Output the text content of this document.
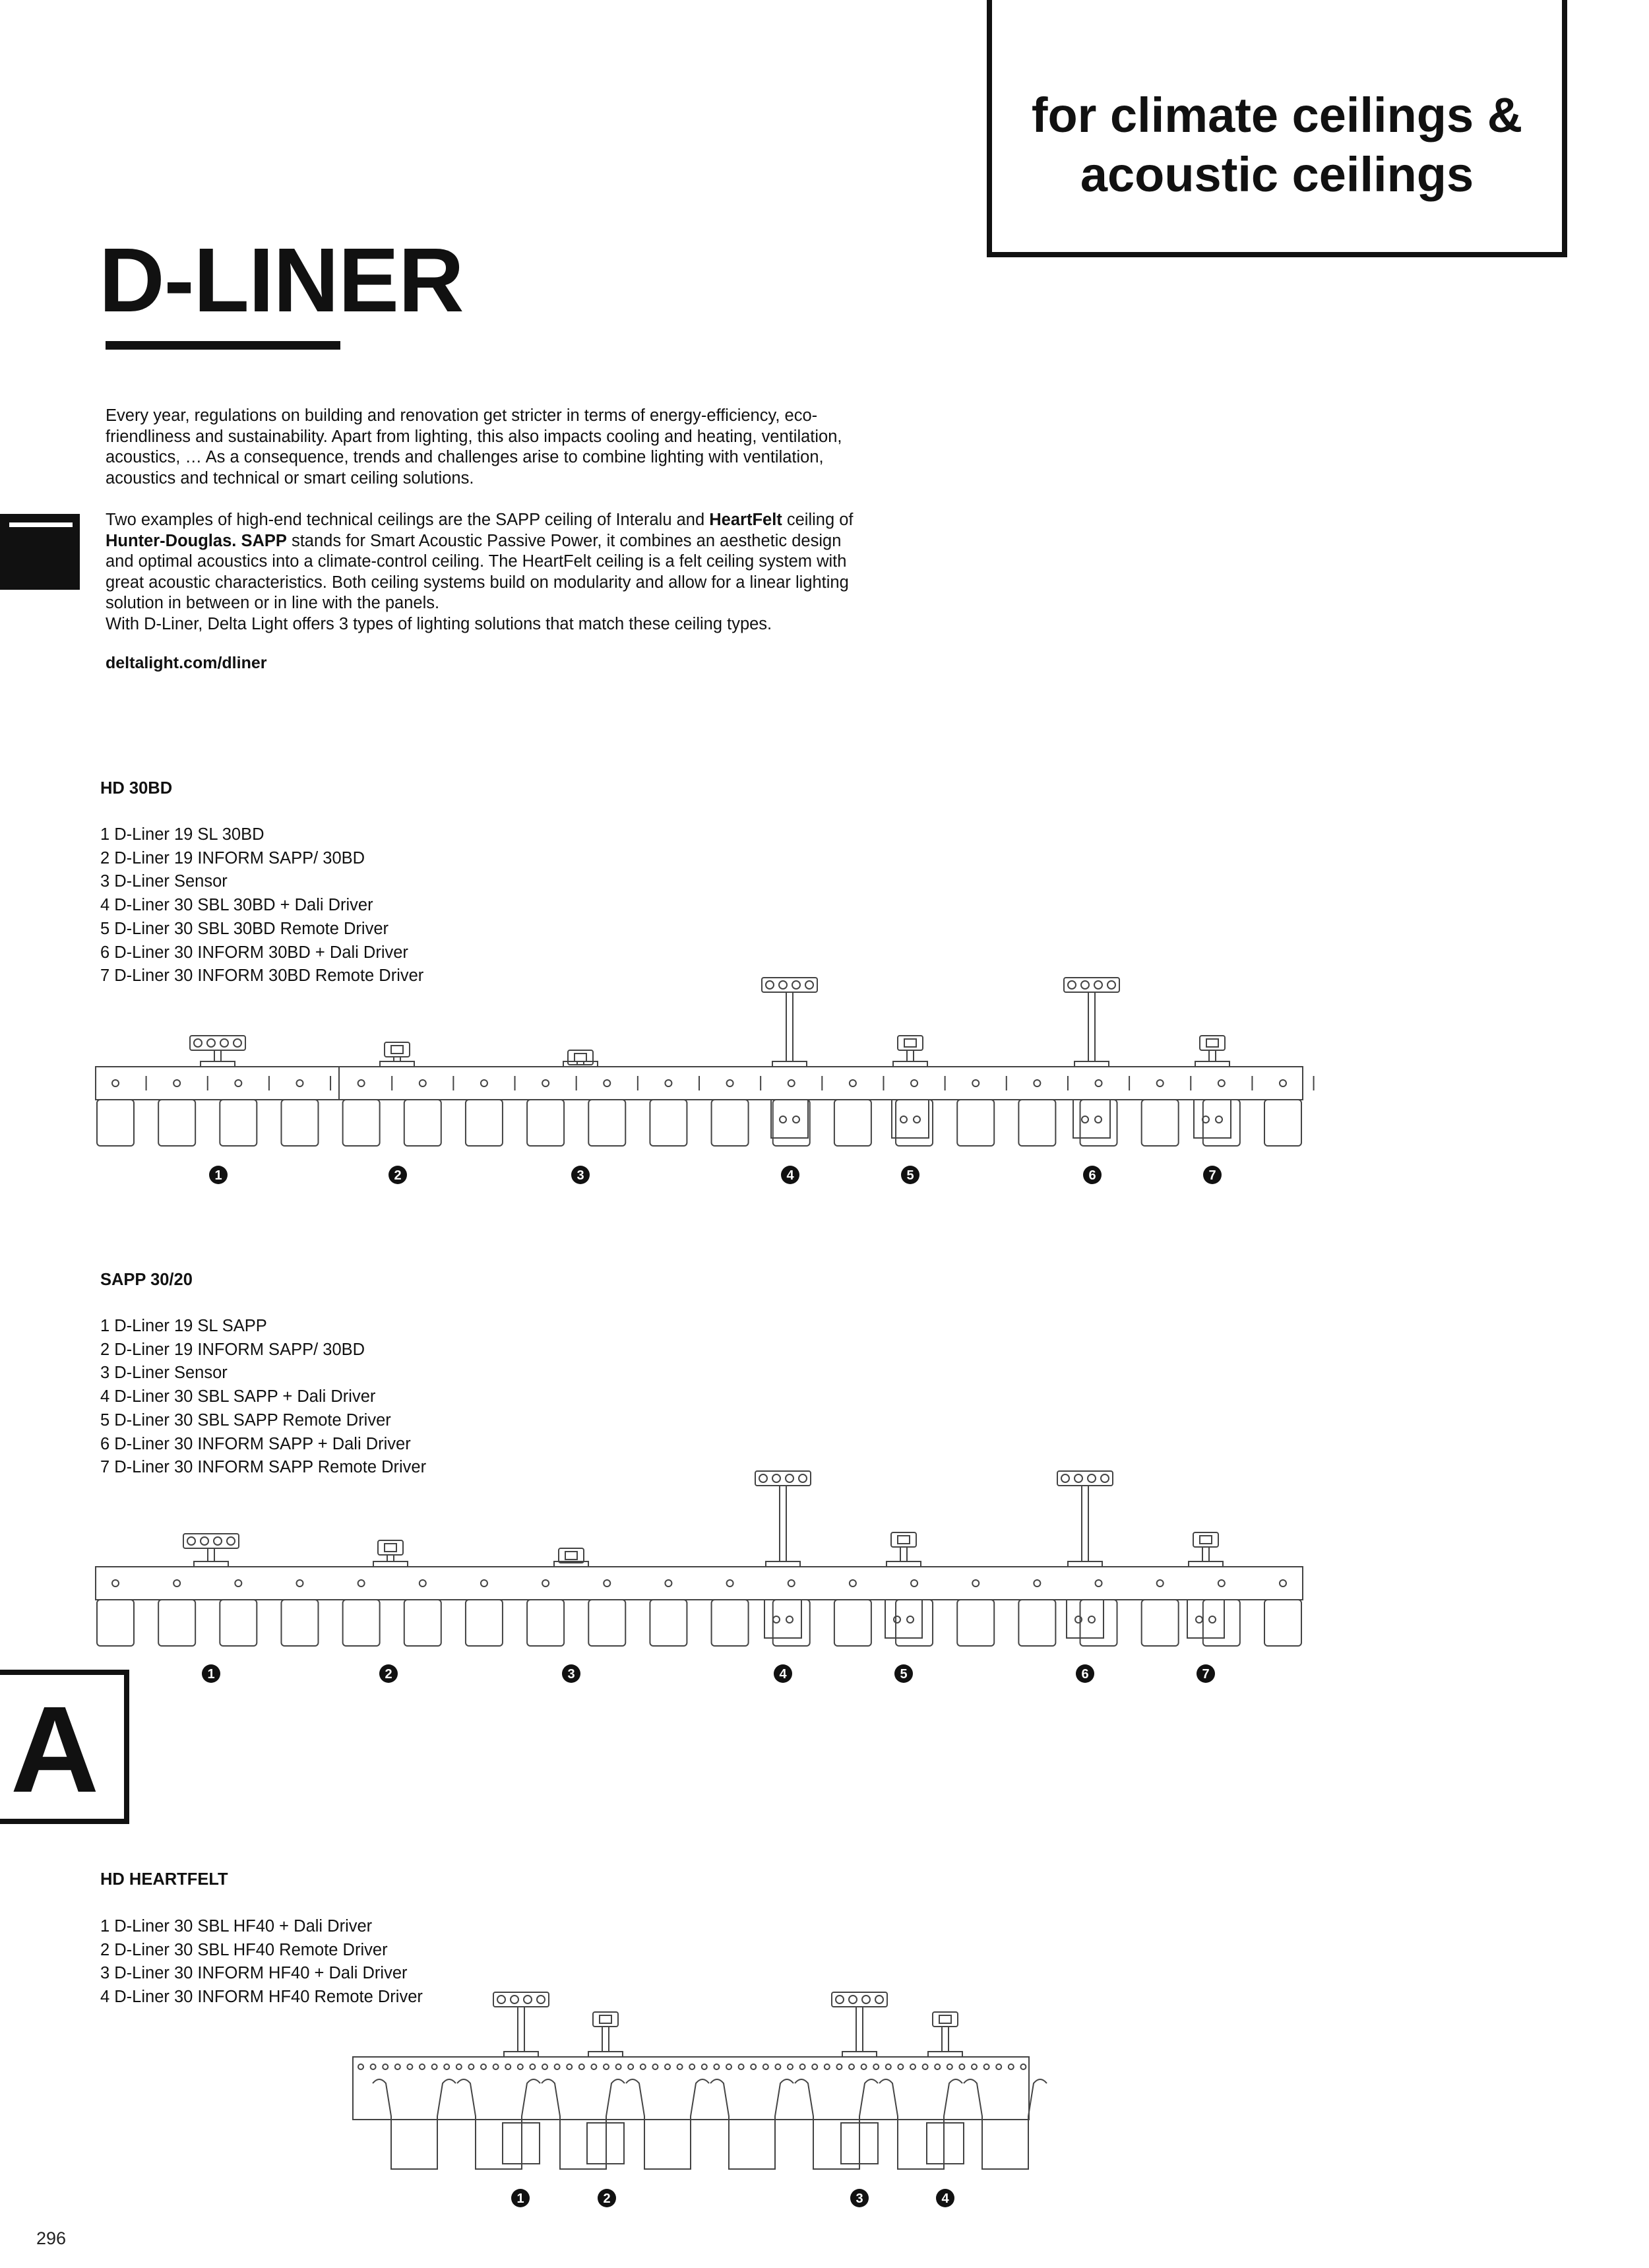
for climate ceilings &
acoustic ceilings
D-LINER
Every year, regulations on building and renovation get stricter in terms of energy-efficiency, eco-friendliness and sustainability. Apart from lighting, this also impacts cooling and heating, ventilation, acoustics, … As a consequence, trends and challenges arise to combine lighting with ventilation, acoustics and technical or smart ceiling solutions.
Two examples of high-end technical ceilings are the SAPP ceiling of Interalu and HeartFelt ceiling of Hunter-Douglas. SAPP stands for Smart Acoustic Passive Power, it combines an aesthetic design and optimal acoustics into a climate-control ceiling. The HeartFelt ceiling is a felt ceiling system with great acoustic characteristics. Both ceiling systems build on modularity and allow for a linear lighting solution in between or in line with the panels.
With D-Liner, Delta Light offers 3 types of lighting solutions that match these ceiling types.
deltalight.com/dliner
HD 30BD
1 D-Liner 19 SL 30BD
2 D-Liner 19 INFORM SAPP/ 30BD
3 D-Liner Sensor
4 D-Liner 30 SBL 30BD + Dali Driver
5 D-Liner 30 SBL 30BD Remote Driver
6 D-Liner 30 INFORM 30BD + Dali Driver
7 D-Liner 30 INFORM 30BD Remote Driver
1	2	3	4	5	6	7
SAPP 30/20
1 D-Liner 19 SL SAPP
2 D-Liner 19 INFORM SAPP/ 30BD
3 D-Liner Sensor
4 D-Liner 30 SBL SAPP + Dali Driver
5 D-Liner 30 SBL SAPP Remote Driver
6 D-Liner 30 INFORM SAPP + Dali Driver
7 D-Liner 30 INFORM SAPP Remote Driver
1	2	3	4	5	6	7
A
HD HEARTFELT
1 D-Liner 30 SBL HF40 + Dali Driver
2 D-Liner 30 SBL HF40 Remote Driver
3 D-Liner 30 INFORM HF40 + Dali Driver
4 D-Liner 30 INFORM HF40 Remote Driver
1	2	3	4
296
